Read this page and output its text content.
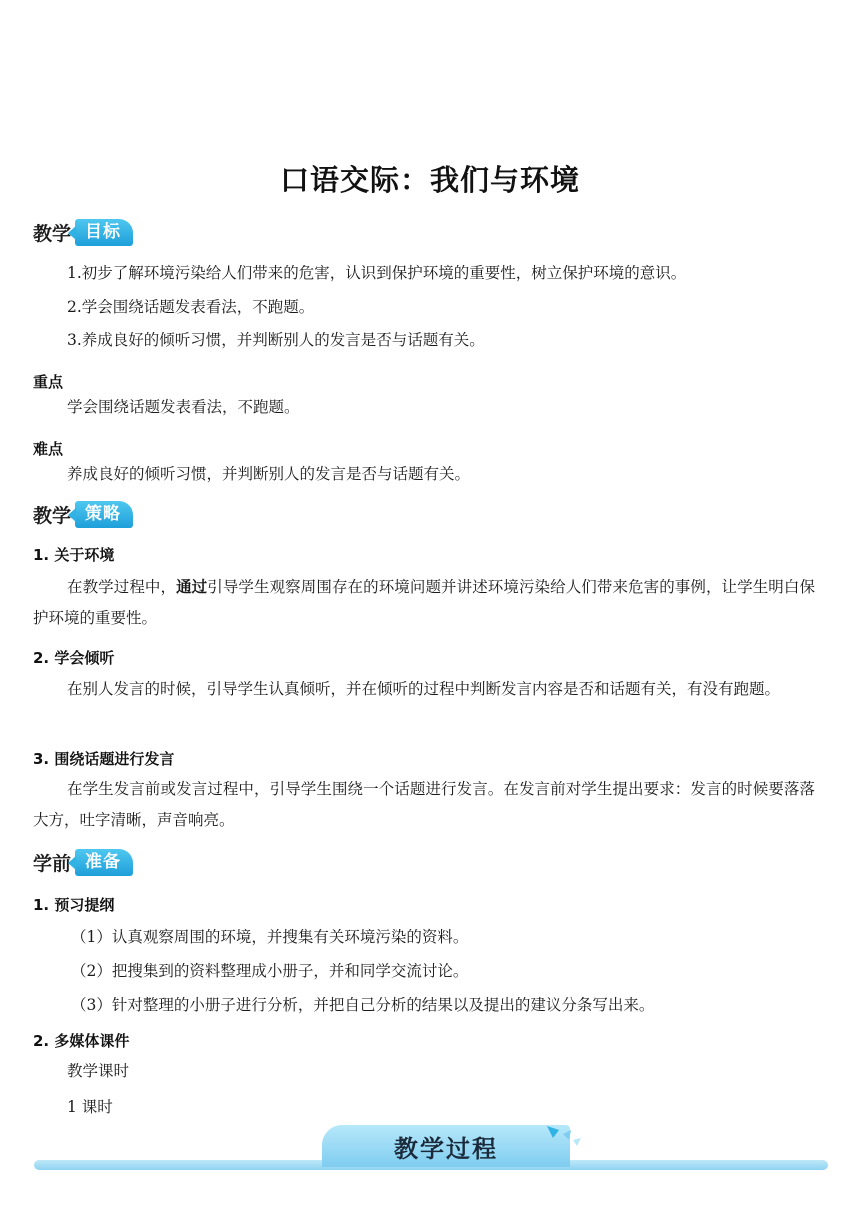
口语交际：我们与环境
教学 目标
1.初步了解环境污染给人们带来的危害，认识到保护环境的重要性，树立保护环境的意识。
2.学会围绕话题发表看法，不跑题。
3.养成良好的倾听习惯，并判断别人的发言是否与话题有关。
重点
学会围绕话题发表看法，不跑题。
难点
养成良好的倾听习惯，并判断别人的发言是否与话题有关。
教学 策略
1. 关于环境
在教学过程中，通过引导学生观察周围存在的环境问题并讲述环境污染给人们带来危害的事例，让学生明白保护环境的重要性。
2. 学会倾听
在别人发言的时候，引导学生认真倾听，并在倾听的过程中判断发言内容是否和话题有关，有没有跑题。
3. 围绕话题进行发言
在学生发言前或发言过程中，引导学生围绕一个话题进行发言。在发言前对学生提出要求：发言的时候要落落大方，吐字清晰，声音响亮。
学前 准备
1. 预习提纲
（1）认真观察周围的环境，并搜集有关环境污染的资料。
（2）把搜集到的资料整理成小册子，并和同学交流讨论。
（3）针对整理的小册子进行分析，并把自己分析的结果以及提出的建议分条写出来。
2. 多媒体课件
教学课时
1 课时
教学过程
